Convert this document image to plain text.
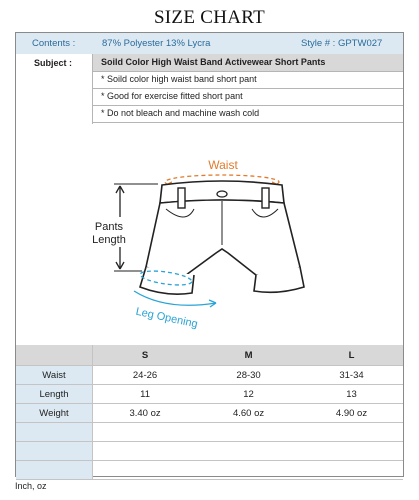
SIZE CHART
Contents :	87% Polyester 13% Lycra	Style # : GPTW027
Subject :	Soild Color High Waist Band Activewear Short Pants
* Soild color high waist band short pant
* Good for exercise fitted short pant
* Do not bleach and machine wash cold
Waist
Pants
Length
Leg Opening
	S	M	L
Waist	24-26	28-30	31-34
Length	11	12	13
Weight	3.40 oz	4.60 oz	4.90 oz

Inch, oz
